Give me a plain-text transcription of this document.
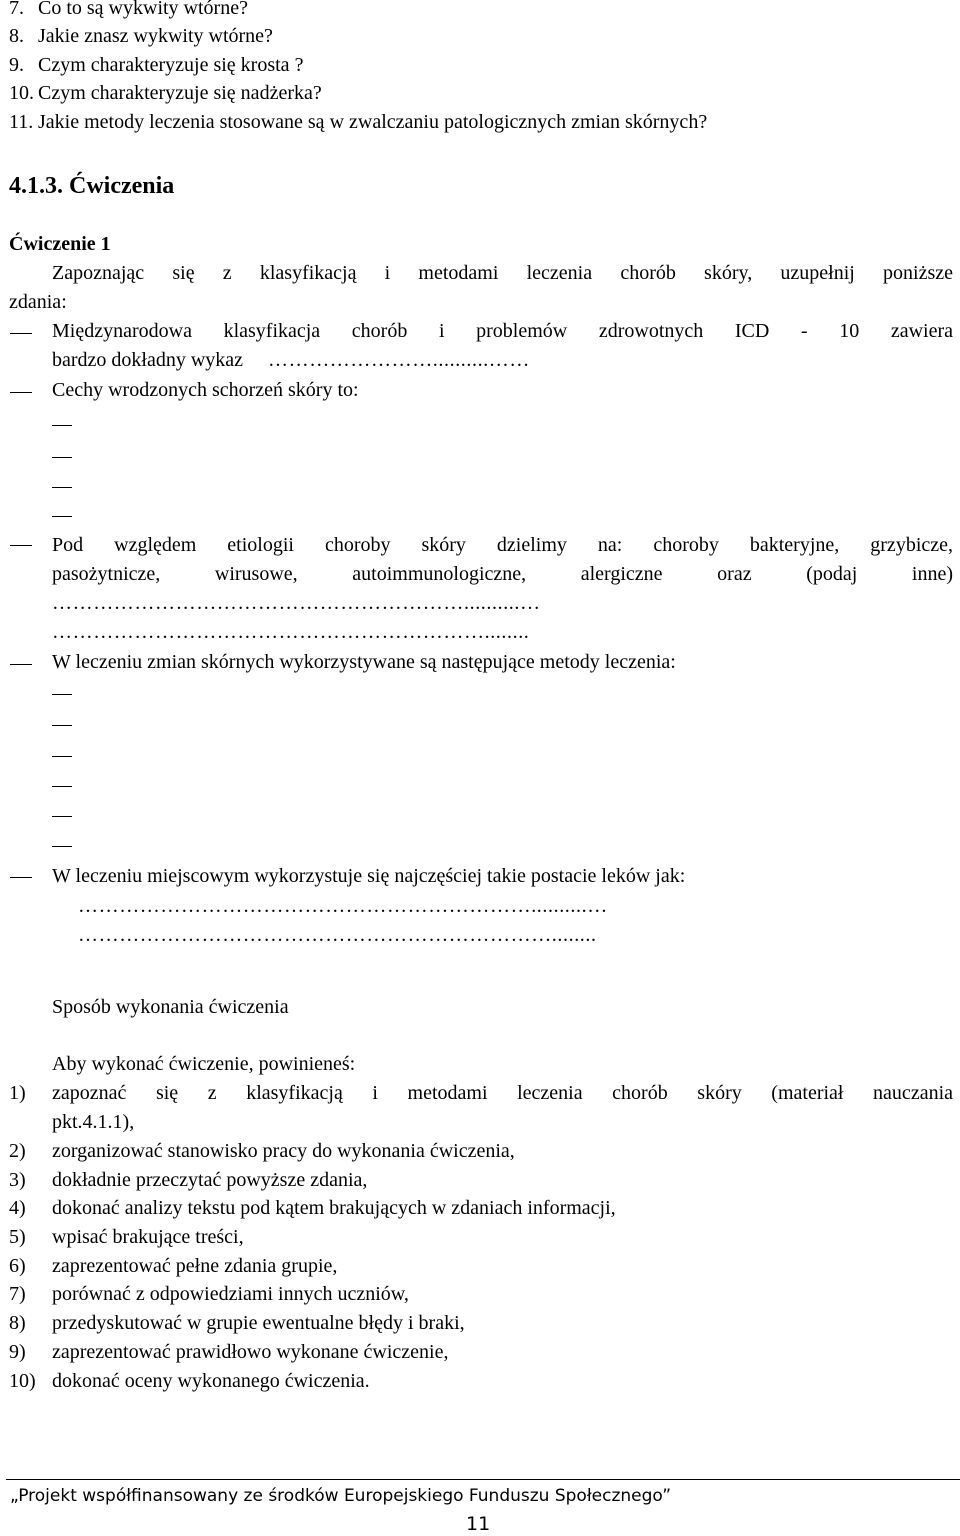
7. Co to są wykwity wtórne?
8. Jakie znasz wykwity wtórne?
9. Czym charakteryzuje się krosta ?
10. Czym charakteryzuje się nadżerka?
11. Jakie metody leczenia stosowane są w zwalczaniu patologicznych zmian skórnych?
4.1.3. Ćwiczenia
Ćwiczenie 1
Zapoznając się z klasyfikacją i metodami leczenia chorób skóry, uzupełnij poniższe
zdania:
Międzynarodowa klasyfikacja chorób i problemów zdrowotnych ICD - 10 zawiera
bardzo dokładny wykaz ……………………..........……
Cechy wrodzonych schorzeń skóry to:
Pod względem etiologii choroby skóry dzielimy na: choroby bakteryjne, grzybicze,
pasożytnicze, wirusowe, autoimmunologiczne, alergiczne oraz (podaj inne)
……………………………………………………..........…
………………………………………………………........
W leczeniu zmian skórnych wykorzystywane są następujące metody leczenia:
W leczeniu miejscowym wykorzystuje się najczęściej takie postacie leków jak:
…………………………………………………………..........…
……………………………………………………………........
Sposób wykonania ćwiczenia
Aby wykonać ćwiczenie, powinieneś:
1) zapoznać się z klasyfikacją i metodami leczenia chorób skóry (materiał nauczania
pkt.4.1.1),
2) zorganizować stanowisko pracy do wykonania ćwiczenia,
3) dokładnie przeczytać powyższe zdania,
4) dokonać analizy tekstu pod kątem brakujących w zdaniach informacji,
5) wpisać brakujące treści,
6) zaprezentować pełne zdania grupie,
7) porównać z odpowiedziami innych uczniów,
8) przedyskutować w grupie ewentualne błędy i braki,
9) zaprezentować prawidłowo wykonane ćwiczenie,
10) dokonać oceny wykonanego ćwiczenia.
„Projekt współfinansowany ze środków Europejskiego Funduszu Społecznego”
11
